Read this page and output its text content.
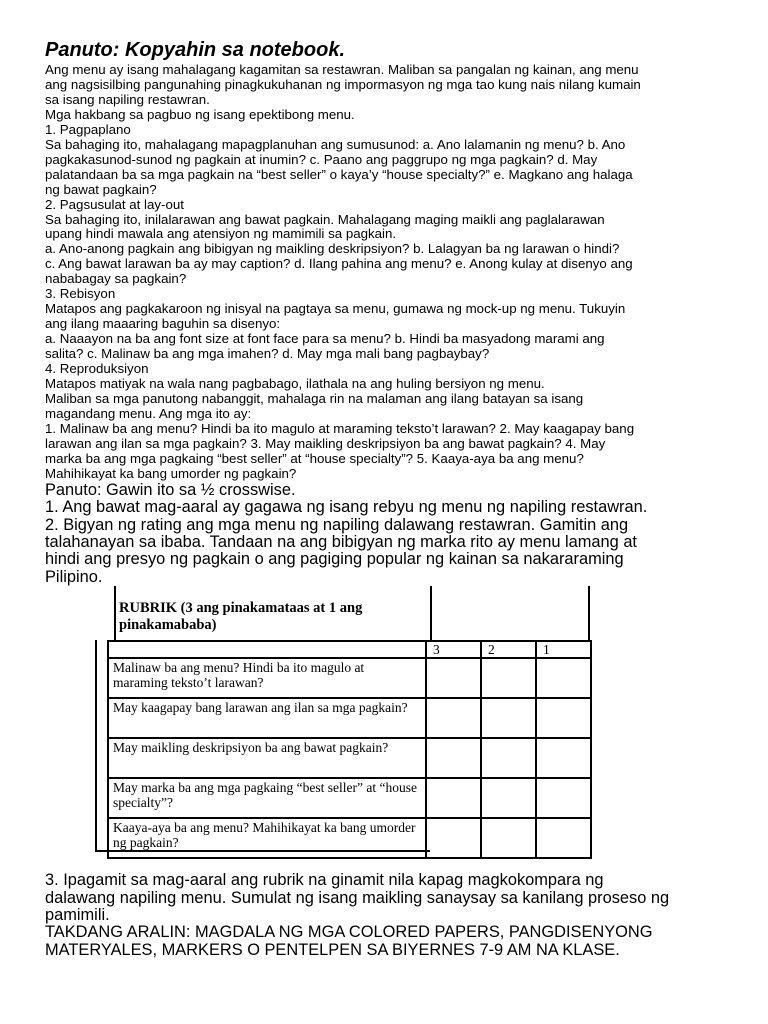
Panuto: Kopyahin sa notebook.

Ang menu ay isang mahalagang kagamitan sa restawran. Maliban sa pangalan ng kainan, ang menu

ang nagsisilbing pangunahing pinagkukuhanan ng impormasyon ng mga tao kung nais nilang kumain

sa isang napiling restawran.

Mga hakbang sa pagbuo ng isang epektibong menu.

1. Pagpaplano

Sa bahaging ito, mahalagang mapagplanuhan ang sumusunod: a. Ano lalamanin ng menu? b. Ano

pagkakasunod-sunod ng pagkain at inumin? c. Paano ang paggrupo ng mga pagkain? d. May

palatandaan ba sa mga pagkain na “best seller” o kaya’y “house specialty?” e. Magkano ang halaga

ng bawat pagkain?

2. Pagsusulat at lay-out

Sa bahaging ito, inilalarawan ang bawat pagkain. Mahalagang maging maikli ang paglalarawan

upang hindi mawala ang atensiyon ng mamimili sa pagkain.

a. Ano-anong pagkain ang bibigyan ng maikling deskripsiyon? b. Lalagyan ba ng larawan o hindi?

c. Ang bawat larawan ba ay may caption? d. Ilang pahina ang menu? e. Anong kulay at disenyo ang

nababagay sa pagkain?

3. Rebisyon

Matapos ang pagkakaroon ng inisyal na pagtaya sa menu, gumawa ng mock-up ng menu. Tukuyin

ang ilang maaaring baguhin sa disenyo:

a. Naaayon na ba ang font size at font face para sa menu? b. Hindi ba masyadong marami ang

salita? c. Malinaw ba ang mga imahen? d. May mga mali bang pagbaybay?

4. Reproduksiyon

Matapos matiyak na wala nang pagbabago, ilathala na ang huling bersiyon ng menu.

Maliban sa mga panutong nabanggit, mahalaga rin na malaman ang ilang batayan sa isang

magandang menu. Ang mga ito ay:

1. Malinaw ba ang menu? Hindi ba ito magulo at maraming teksto’t larawan? 2. May kaagapay bang

larawan ang ilan sa mga pagkain? 3. May maikling deskripsiyon ba ang bawat pagkain? 4. May

marka ba ang mga pagkaing “best seller” at “house specialty”? 5. Kaaya-aya ba ang menu?

Mahihikayat ka bang umorder ng pagkain?

Panuto: Gawin ito sa ½ crosswise.

1. Ang bawat mag-aaral ay gagawa ng isang rebyu ng menu ng napiling restawran.

2. Bigyan ng rating ang mga menu ng napiling dalawang restawran. Gamitin ang

talahanayan sa ibaba. Tandaan na ang bibigyan ng marka rito ay menu lamang at

hindi ang presyo ng pagkain o ang pagiging popular ng kainan sa nakararaming

Pilipino.

RUBRIK (3 ang pinakamataas at 1 ang pinakamababa)
	3	2	1
Malinaw ba ang menu? Hindi ba ito magulo at maraming teksto’t larawan?			
May kaagapay bang larawan ang ilan sa mga pagkain?			
May maikling deskripsiyon ba ang bawat pagkain?			
May marka ba ang mga pagkaing “best seller” at “house specialty”?			
Kaaya-aya ba ang menu? Mahihikayat ka bang umorder ng pagkain?			

3. Ipagamit sa mag-aaral ang rubrik na ginamit nila kapag magkokompara ng

dalawang napiling menu. Sumulat ng isang maikling sanaysay sa kanilang proseso ng

pamimili.

TAKDANG ARALIN: MAGDALA NG MGA COLORED PAPERS, PANGDISENYONG

MATERYALES, MARKERS O PENTELPEN SA BIYERNES 7-9 AM NA KLASE.
